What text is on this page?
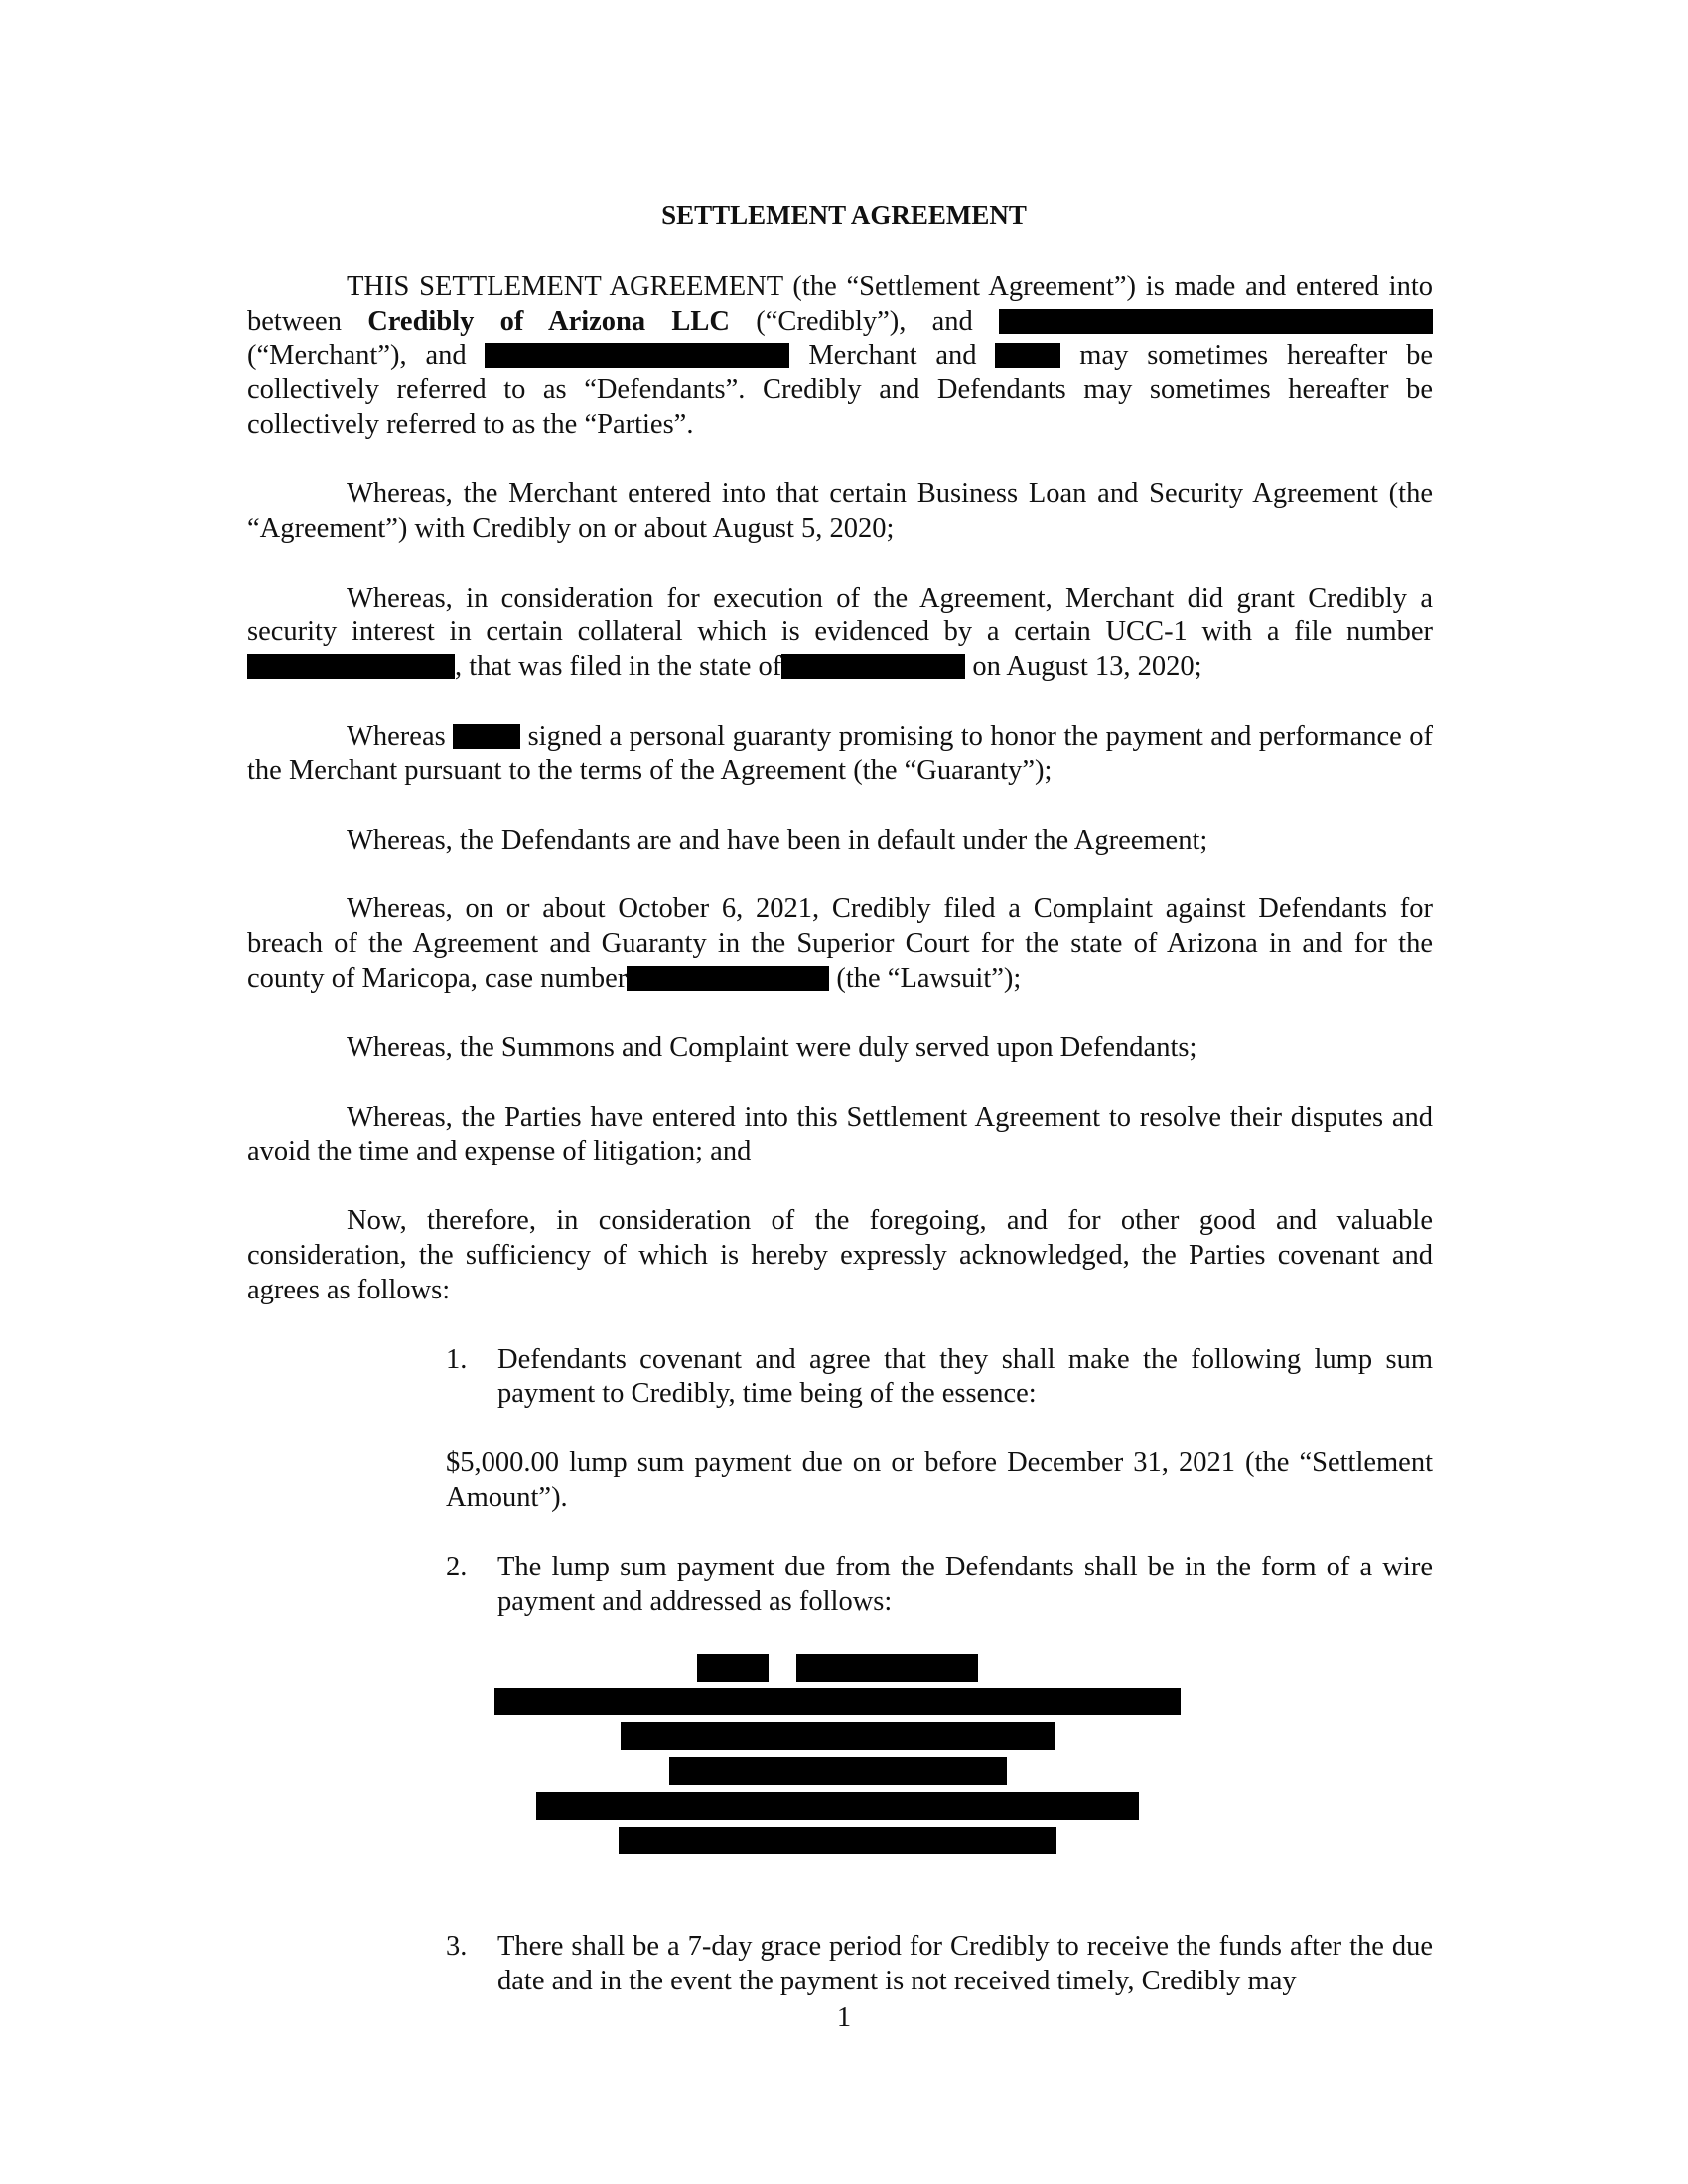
SETTLEMENT AGREEMENT

THIS SETTLEMENT AGREEMENT (the “Settlement Agreement”) is made and entered into between Credibly of Arizona LLC (“Credibly”), and  (“Merchant”), and	Merchant and  may sometimes hereafter be collectively referred to as “Defendants”. Credibly and Defendants may sometimes hereafter be collectively referred to as the “Parties”.

Whereas, the Merchant entered into that certain Business Loan and Security Agreement (the “Agreement”) with Credibly on or about August 5, 2020;

Whereas, in consideration for execution of the Agreement, Merchant did grant Credibly a security interest in certain collateral which is evidenced by a certain UCC-1 with a file number , that was filed in the state of	on August 13, 2020;

Whereas  signed a personal guaranty promising to honor the payment and performance of the Merchant pursuant to the terms of the Agreement (the “Guaranty”);

Whereas, the Defendants are and have been in default under the Agreement;

Whereas, on or about October 6, 2021, Credibly filed a Complaint against Defendants for breach of the Agreement and Guaranty in the Superior Court for the state of Arizona in and for the county of Maricopa, case number	(the “Lawsuit”);

Whereas, the Summons and Complaint were duly served upon Defendants;

Whereas, the Parties have entered into this Settlement Agreement to resolve their disputes and avoid the time and expense of litigation; and

Now, therefore, in consideration of the foregoing, and for other good and valuable consideration, the sufficiency of which is hereby expressly acknowledged, the Parties covenant and agrees as follows:

1. Defendants covenant and agree that they shall make the following lump sum payment to Credibly, time being of the essence:
$5,000.00 lump sum payment due on or before December 31, 2021 (the “Settlement Amount”).
2. The lump sum payment due from the Defendants shall be in the form of a wire payment and addressed as follows:
3. There shall be a 7-day grace period for Credibly to receive the funds after the due date and in the event the payment is not received timely, Credibly may
1
